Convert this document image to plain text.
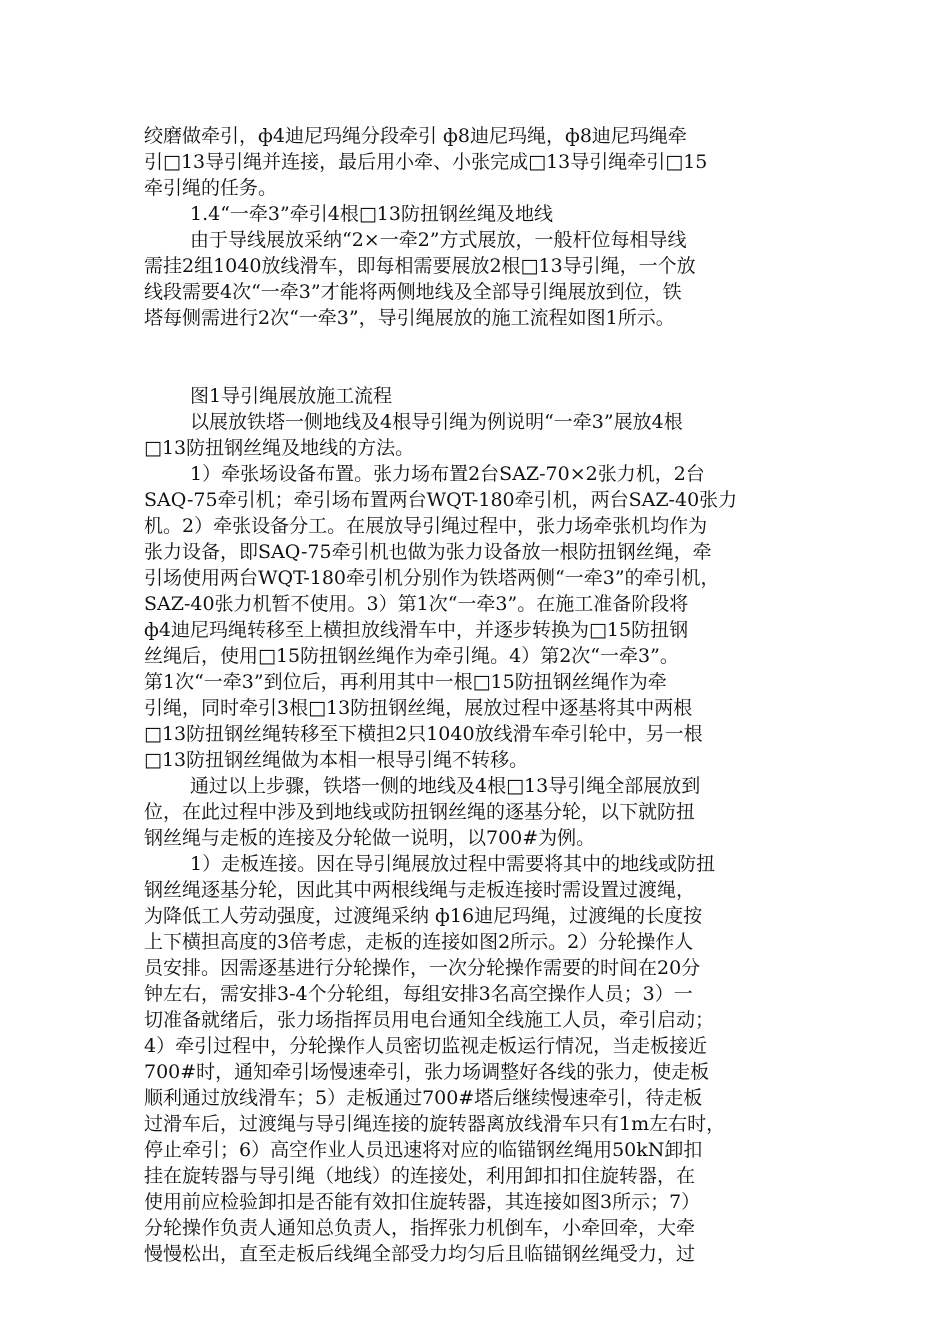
绞磨做牵引，ф4迪尼玛绳分段牵引 ф8迪尼玛绳，ф8迪尼玛绳牵
引□13导引绳并连接，最后用小牵、小张完成□13导引绳牵引□15
牵引绳的任务。
1.4“一牵3”牵引4根□13防扭钢丝绳及地线
由于导线展放采纳“2×一牵2”方式展放，一般杆位每相导线
需挂2组1040放线滑车，即每相需要展放2根□13导引绳，一个放
线段需要4次“一牵3”才能将两侧地线及全部导引绳展放到位，铁
塔每侧需进行2次“一牵3”，导引绳展放的施工流程如图1所示。
图1导引绳展放施工流程
以展放铁塔一侧地线及4根导引绳为例说明“一牵3”展放4根
□13防扭钢丝绳及地线的方法。
1）牵张场设备布置。张力场布置2台SAZ-70×2张力机，2台
SAQ-75牵引机；牵引场布置两台WQT-180牵引机，两台SAZ-40张力
机。2）牵张设备分工。在展放导引绳过程中，张力场牵张机均作为
张力设备，即SAQ-75牵引机也做为张力设备放一根防扭钢丝绳，牵
引场使用两台WQT-180牵引机分别作为铁塔两侧“一牵3”的牵引机，
SAZ-40张力机暂不使用。3）第1次“一牵3”。在施工准备阶段将
ф4迪尼玛绳转移至上横担放线滑车中，并逐步转换为□15防扭钢
丝绳后，使用□15防扭钢丝绳作为牵引绳。4）第2次“一牵3”。
第1次“一牵3”到位后，再利用其中一根□15防扭钢丝绳作为牵
引绳，同时牵引3根□13防扭钢丝绳，展放过程中逐基将其中两根
□13防扭钢丝绳转移至下横担2只1040放线滑车牵引轮中，另一根
□13防扭钢丝绳做为本相一根导引绳不转移。
通过以上步骤，铁塔一侧的地线及4根□13导引绳全部展放到
位，在此过程中涉及到地线或防扭钢丝绳的逐基分轮，以下就防扭
钢丝绳与走板的连接及分轮做一说明，以700#为例。
1）走板连接。因在导引绳展放过程中需要将其中的地线或防扭
钢丝绳逐基分轮，因此其中两根线绳与走板连接时需设置过渡绳，
为降低工人劳动强度，过渡绳采纳 ф16迪尼玛绳，过渡绳的长度按
上下横担高度的3倍考虑，走板的连接如图2所示。2）分轮操作人
员安排。因需逐基进行分轮操作，一次分轮操作需要的时间在20分
钟左右，需安排3-4个分轮组，每组安排3名高空操作人员；3）一
切准备就绪后，张力场指挥员用电台通知全线施工人员，牵引启动；
4）牵引过程中，分轮操作人员密切监视走板运行情况，当走板接近
700#时，通知牵引场慢速牵引，张力场调整好各线的张力，使走板
顺利通过放线滑车；5）走板通过700#塔后继续慢速牵引，待走板
过滑车后，过渡绳与导引绳连接的旋转器离放线滑车只有1m左右时，
停止牵引；6）高空作业人员迅速将对应的临锚钢丝绳用50kN卸扣
挂在旋转器与导引绳（地线）的连接处，利用卸扣扣住旋转器，在
使用前应检验卸扣是否能有效扣住旋转器，其连接如图3所示；7）
分轮操作负责人通知总负责人，指挥张力机倒车，小牵回牵，大牵
慢慢松出，直至走板后线绳全部受力均匀后且临锚钢丝绳受力，过
